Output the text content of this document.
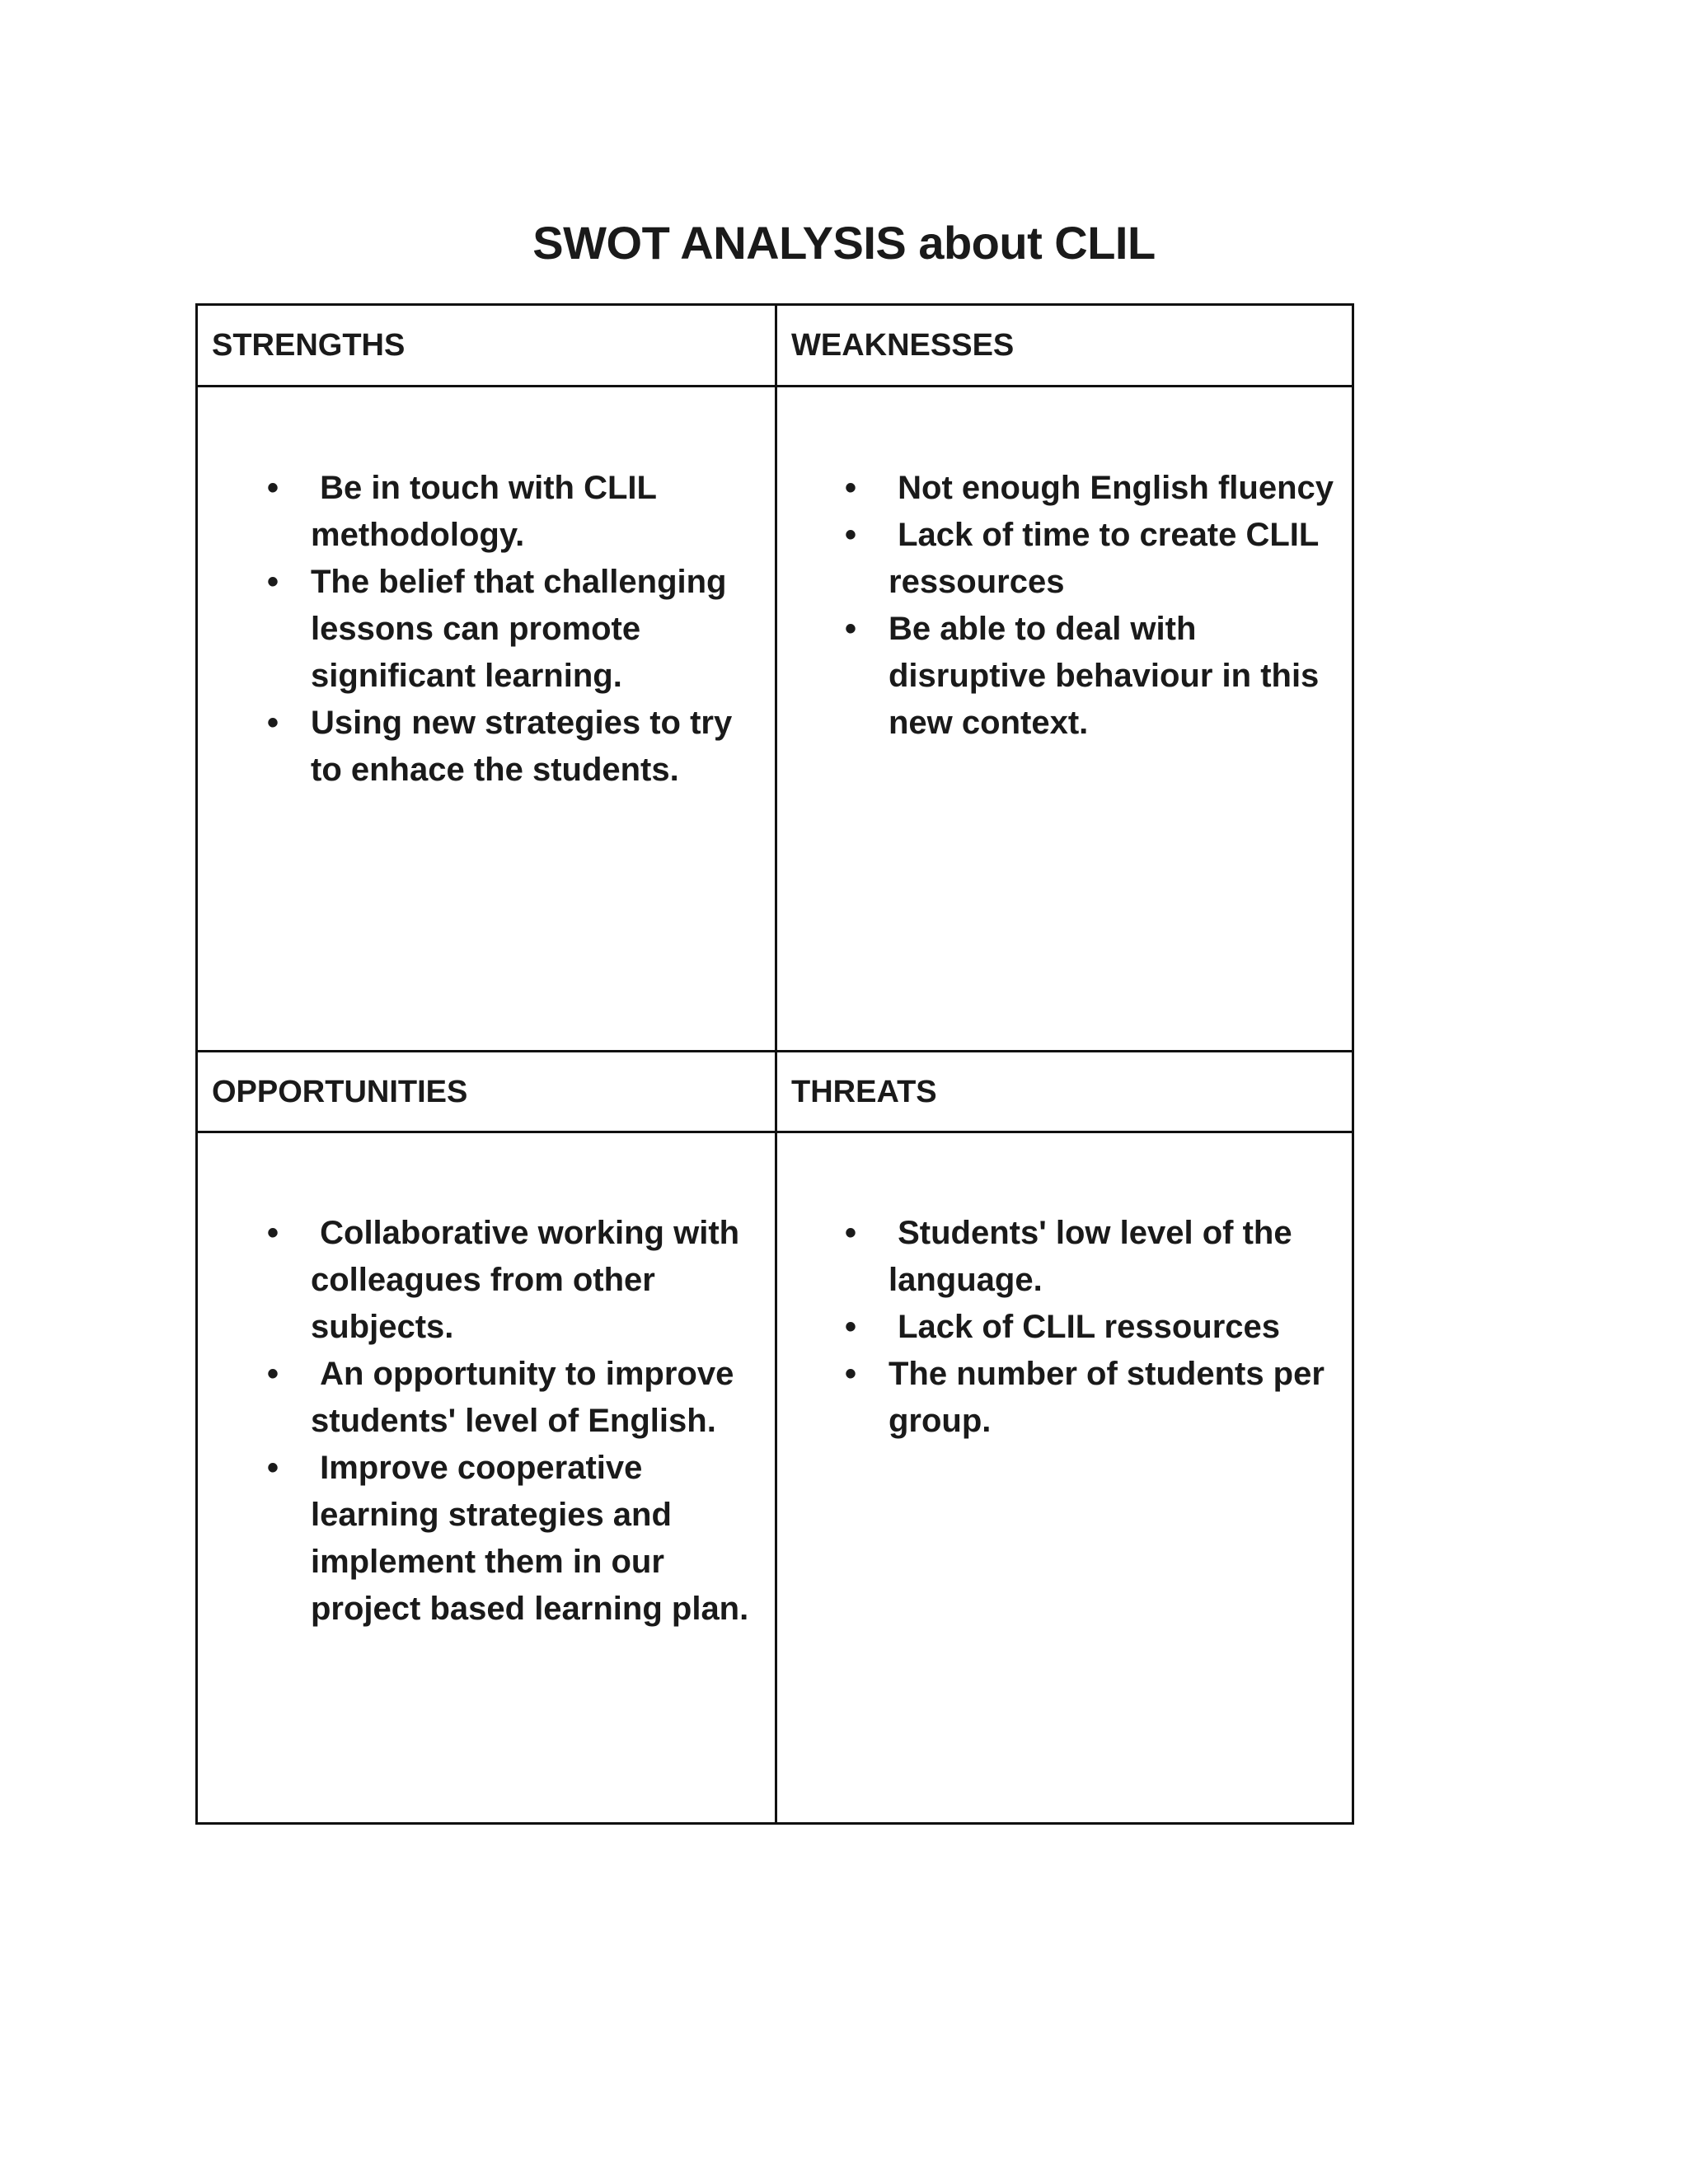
SWOT ANALYSIS about CLIL
STRENGTHS
• Be in touch with CLIL methodology.
• The belief that challenging lessons can promote significant learning.
• Using new strategies to try to enhace the students.
WEAKNESSES
• Not enough English fluency
• Lack of time to create CLIL ressources
• Be able to deal with disruptive behaviour in this new context.
OPPORTUNITIES
• Collaborative working with colleagues from other subjects.
• An opportunity to improve students' level of English.
• Improve cooperative learning strategies and implement them in our project based learning plan.
THREATS
• Students' low level of the language.
• Lack of CLIL ressources
• The number of students per group.
